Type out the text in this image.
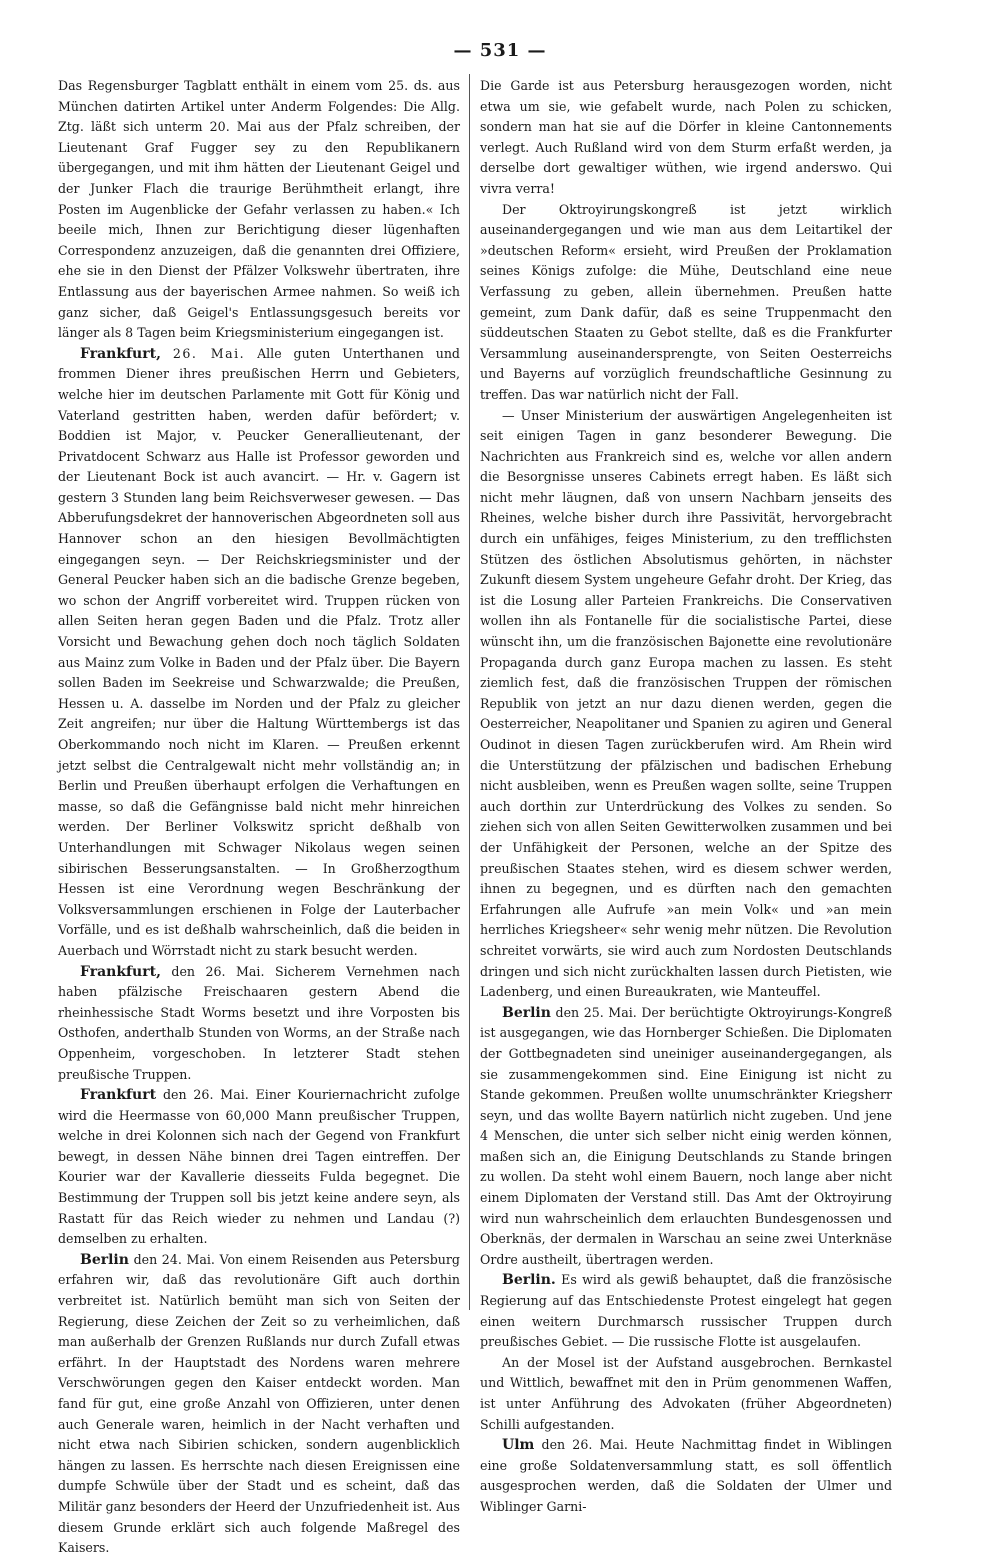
— 531 —

Das Regensburger Tagblatt enthält in einem vom 25. ds. aus München datirten Artikel unter Anderm Folgendes: Die Allg. Ztg. läßt sich unterm 20. Mai aus der Pfalz schreiben, der Lieutenant Graf Fugger sey zu den Republikanern übergegangen, und mit ihm hätten der Lieutenant Geigel und der Junker Flach die traurige Berühmtheit erlangt, ihre Posten im Augenblicke der Gefahr verlassen zu haben.« Ich beeile mich, Ihnen zur Berichtigung dieser lügenhaften Correspondenz anzuzeigen, daß die genannten drei Offiziere, ehe sie in den Dienst der Pfälzer Volkswehr übertraten, ihre Entlassung aus der bayerischen Armee nahmen. So weiß ich ganz sicher, daß Geigel's Entlassungsgesuch bereits vor länger als 8 Tagen beim Kriegsministerium eingegangen ist.

Frankfurt, 26. Mai. Alle guten Unterthanen und frommen Diener ihres preußischen Herrn und Gebieters, welche hier im deutschen Parlamente mit Gott für König und Vaterland gestritten haben, werden dafür befördert; v. Boddien ist Major, v. Peucker Generallieutenant, der Privatdocent Schwarz aus Halle ist Professor geworden und der Lieutenant Bock ist auch avancirt. — Hr. v. Gagern ist gestern 3 Stunden lang beim Reichsverweser gewesen. — Das Abberufungsdekret der hannoverischen Abgeordneten soll aus Hannover schon an den hiesigen Bevollmächtigten eingegangen seyn. — Der Reichskriegsminister und der General Peucker haben sich an die badische Grenze begeben, wo schon der Angriff vorbereitet wird. Truppen rücken von allen Seiten heran gegen Baden und die Pfalz. Trotz aller Vorsicht und Bewachung gehen doch noch täglich Soldaten aus Mainz zum Volke in Baden und der Pfalz über. Die Bayern sollen Baden im Seekreise und Schwarzwalde; die Preußen, Hessen u. A. dasselbe im Norden und der Pfalz zu gleicher Zeit angreifen; nur über die Haltung Württembergs ist das Oberkommando noch nicht im Klaren. — Preußen erkennt jetzt selbst die Centralgewalt nicht mehr vollständig an; in Berlin und Preußen überhaupt erfolgen die Verhaftungen en masse, so daß die Gefängnisse bald nicht mehr hinreichen werden. Der Berliner Volkswitz spricht deßhalb von Unterhandlungen mit Schwager Nikolaus wegen seinen sibirischen Besserungsanstalten. — In Großherzogthum Hessen ist eine Verordnung wegen Beschränkung der Volksversammlungen erschienen in Folge der Lauterbacher Vorfälle, und es ist deßhalb wahrscheinlich, daß die beiden in Auerbach und Wörrstadt nicht zu stark besucht werden.

Frankfurt, den 26. Mai. Sicherem Vernehmen nach haben pfälzische Freischaaren gestern Abend die rheinhessische Stadt Worms besetzt und ihre Vorposten bis Osthofen, anderthalb Stunden von Worms, an der Straße nach Oppenheim, vorgeschoben. In letzterer Stadt stehen preußische Truppen.

Frankfurt den 26. Mai. Einer Kouriernachricht zufolge wird die Heermasse von 60,000 Mann preußischer Truppen, welche in drei Kolonnen sich nach der Gegend von Frankfurt bewegt, in dessen Nähe binnen drei Tagen eintreffen. Der Kourier war der Kavallerie diesseits Fulda begegnet. Die Bestimmung der Truppen soll bis jetzt keine andere seyn, als Rastatt für das Reich wieder zu nehmen und Landau (?) demselben zu erhalten.

Berlin den 24. Mai. Von einem Reisenden aus Petersburg erfahren wir, daß das revolutionäre Gift auch dorthin verbreitet ist. Natürlich bemüht man sich von Seiten der Regierung, diese Zeichen der Zeit so zu verheimlichen, daß man außerhalb der Grenzen Rußlands nur durch Zufall etwas erfährt. In der Hauptstadt des Nordens waren mehrere Verschwörungen gegen den Kaiser entdeckt worden. Man fand für gut, eine große Anzahl von Offizieren, unter denen auch Generale waren, heimlich in der Nacht verhaften und nicht etwa nach Sibirien schicken, sondern augenblicklich hängen zu lassen. Es herrschte nach diesen Ereignissen eine dumpfe Schwüle über der Stadt und es scheint, daß das Militär ganz besonders der Heerd der Unzufriedenheit ist. Aus diesem Grunde erklärt sich auch folgende Maßregel des Kaisers.

Die Garde ist aus Petersburg herausgezogen worden, nicht etwa um sie, wie gefabelt wurde, nach Polen zu schicken, sondern man hat sie auf die Dörfer in kleine Cantonnements verlegt. Auch Rußland wird von dem Sturm erfaßt werden, ja derselbe dort gewaltiger wüthen, wie irgend anderswo. Qui vivra verra!

Der Oktroyirungskongreß ist jetzt wirklich auseinandergegangen und wie man aus dem Leitartikel der »deutschen Reform« ersieht, wird Preußen der Proklamation seines Königs zufolge: die Mühe, Deutschland eine neue Verfassung zu geben, allein übernehmen. Preußen hatte gemeint, zum Dank dafür, daß es seine Truppenmacht den süddeutschen Staaten zu Gebot stellte, daß es die Frankfurter Versammlung auseinandersprengte, von Seiten Oesterreichs und Bayerns auf vorzüglich freundschaftliche Gesinnung zu treffen. Das war natürlich nicht der Fall.

— Unser Ministerium der auswärtigen Angelegenheiten ist seit einigen Tagen in ganz besonderer Bewegung. Die Nachrichten aus Frankreich sind es, welche vor allen andern die Besorgnisse unseres Cabinets erregt haben. Es läßt sich nicht mehr läugnen, daß von unsern Nachbarn jenseits des Rheines, welche bisher durch ihre Passivität, hervorgebracht durch ein unfähiges, feiges Ministerium, zu den trefflichsten Stützen des östlichen Absolutismus gehörten, in nächster Zukunft diesem System ungeheure Gefahr droht. Der Krieg, das ist die Losung aller Parteien Frankreichs. Die Conservativen wollen ihn als Fontanelle für die socialistische Partei, diese wünscht ihn, um die französischen Bajonette eine revolutionäre Propaganda durch ganz Europa machen zu lassen. Es steht ziemlich fest, daß die französischen Truppen der römischen Republik von jetzt an nur dazu dienen werden, gegen die Oesterreicher, Neapolitaner und Spanien zu agiren und General Oudinot in diesen Tagen zurückberufen wird. Am Rhein wird die Unterstützung der pfälzischen und badischen Erhebung nicht ausbleiben, wenn es Preußen wagen sollte, seine Truppen auch dorthin zur Unterdrückung des Volkes zu senden. So ziehen sich von allen Seiten Gewitterwolken zusammen und bei der Unfähigkeit der Personen, welche an der Spitze des preußischen Staates stehen, wird es diesem schwer werden, ihnen zu begegnen, und es dürften nach den gemachten Erfahrungen alle Aufrufe »an mein Volk« und »an mein herrliches Kriegsheer« sehr wenig mehr nützen. Die Revolution schreitet vorwärts, sie wird auch zum Nordosten Deutschlands dringen und sich nicht zurückhalten lassen durch Pietisten, wie Ladenberg, und einen Bureaukraten, wie Manteuffel.

Berlin den 25. Mai. Der berüchtigte Oktroyirungs-Kongreß ist ausgegangen, wie das Hornberger Schießen. Die Diplomaten der Gottbegnadeten sind uneiniger auseinandergegangen, als sie zusammengekommen sind. Eine Einigung ist nicht zu Stande gekommen. Preußen wollte unumschränkter Kriegsherr seyn, und das wollte Bayern natürlich nicht zugeben. Und jene 4 Menschen, die unter sich selber nicht einig werden können, maßen sich an, die Einigung Deutschlands zu Stande bringen zu wollen. Da steht wohl einem Bauern, noch lange aber nicht einem Diplomaten der Verstand still. Das Amt der Oktroyirung wird nun wahrscheinlich dem erlauchten Bundesgenossen und Oberknäs, der dermalen in Warschau an seine zwei Unterknäse Ordre austheilt, übertragen werden.

Berlin. Es wird als gewiß behauptet, daß die französische Regierung auf das Entschiedenste Protest eingelegt hat gegen einen weitern Durchmarsch russischer Truppen durch preußisches Gebiet. — Die russische Flotte ist ausgelaufen.

An der Mosel ist der Aufstand ausgebrochen. Bernkastel und Wittlich, bewaffnet mit den in Prüm genommenen Waffen, ist unter Anführung des Advokaten (früher Abgeordneten) Schilli aufgestanden.

Ulm den 26. Mai. Heute Nachmittag findet in Wiblingen eine große Soldatenversammlung statt, es soll öffentlich ausgesprochen werden, daß die Soldaten der Ulmer und Wiblinger Garni-
